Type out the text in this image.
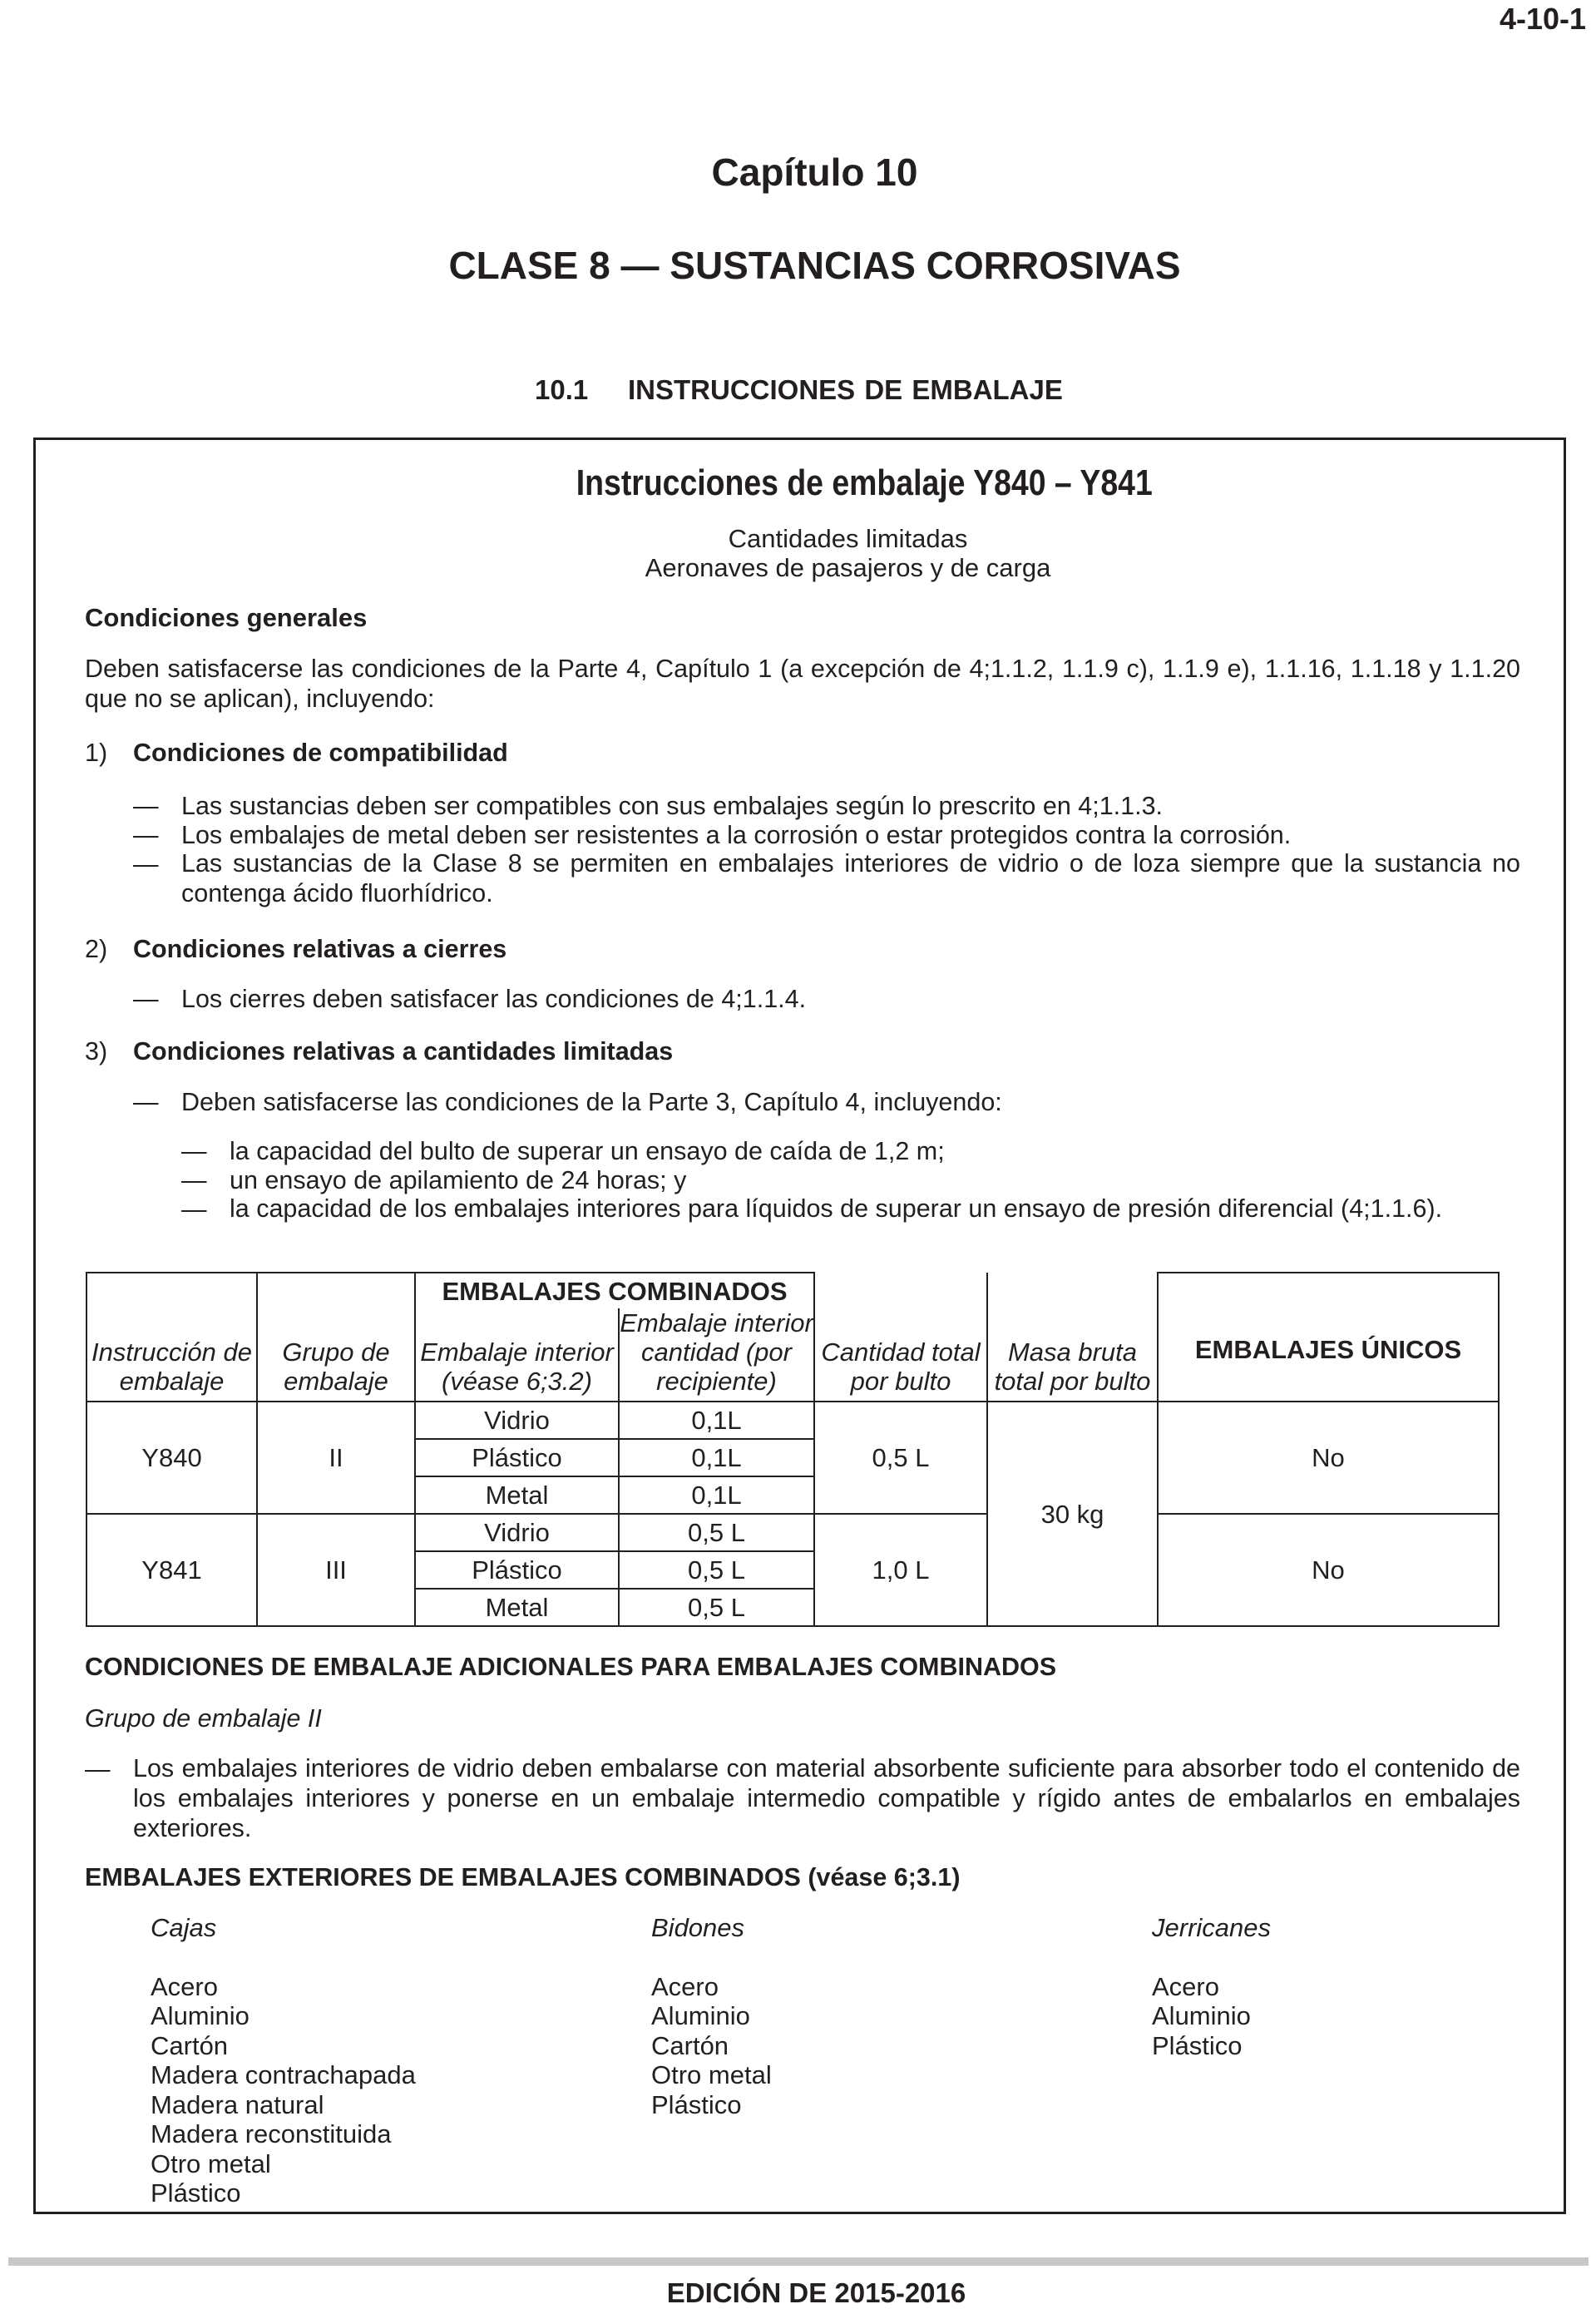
4-10-1
Capítulo 10
CLASE 8 — SUSTANCIAS CORROSIVAS
10.1 INSTRUCCIONES DE EMBALAJE
Instrucciones de embalaje Y840 – Y841
Cantidades limitadas
Aeronaves de pasajeros y de carga
Condiciones generales
Deben satisfacerse las condiciones de la Parte 4, Capítulo 1 (a excepción de 4;1.1.2, 1.1.9 c), 1.1.9 e), 1.1.16, 1.1.18 y 1.1.20 que no se aplican), incluyendo:
1) Condiciones de compatibilidad
— Las sustancias deben ser compatibles con sus embalajes según lo prescrito en 4;1.1.3.
— Los embalajes de metal deben ser resistentes a la corrosión o estar protegidos contra la corrosión.
— Las sustancias de la Clase 8 se permiten en embalajes interiores de vidrio o de loza siempre que la sustancia no contenga ácido fluorhídrico.
2) Condiciones relativas a cierres
— Los cierres deben satisfacer las condiciones de 4;1.1.4.
3) Condiciones relativas a cantidades limitadas
— Deben satisfacerse las condiciones de la Parte 3, Capítulo 4, incluyendo:
— la capacidad del bulto de superar un ensayo de caída de 1,2 m;
— un ensayo de apilamiento de 24 horas; y
— la capacidad de los embalajes interiores para líquidos de superar un ensayo de presión diferencial (4;1.1.6).
Instrucción de embalaje	Grupo de embalaje	EMBALAJES COMBINADOS				EMBALAJES ÚNICOS
		Embalaje interior (véase 6;3.2)	Embalaje interior cantidad (por recipiente)	Cantidad total por bulto	Masa bruta total por bulto	
Y840	II	Vidrio	0,1L	0,5 L	30 kg	No
		Plástico	0,1L			
		Metal	0,1L			
Y841	III	Vidrio	0,5 L	1,0 L		No
		Plástico	0,5 L			
		Metal	0,5 L			
CONDICIONES DE EMBALAJE ADICIONALES PARA EMBALAJES COMBINADOS
Grupo de embalaje II
— Los embalajes interiores de vidrio deben embalarse con material absorbente suficiente para absorber todo el contenido de los embalajes interiores y ponerse en un embalaje intermedio compatible y rígido antes de embalarlos en embalajes exteriores.
EMBALAJES EXTERIORES DE EMBALAJES COMBINADOS (véase 6;3.1)
Cajas
Acero
Aluminio
Cartón
Madera contrachapada
Madera natural
Madera reconstituida
Otro metal
Plástico
Bidones
Acero
Aluminio
Cartón
Otro metal
Plástico
Jerricanes
Acero
Aluminio
Plástico
EDICIÓN DE 2015-2016
